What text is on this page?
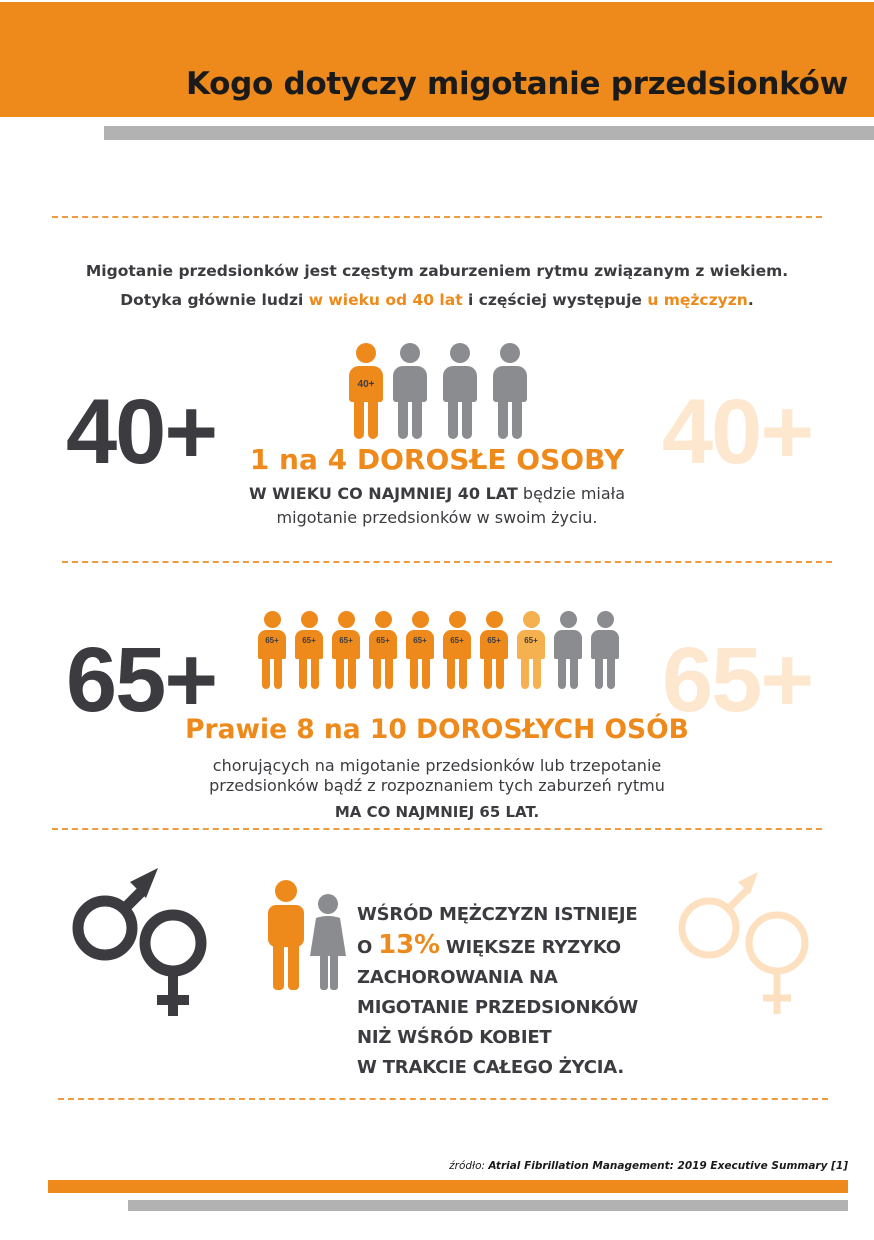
Kogo dotyczy migotanie przedsionków
Migotanie przedsionków jest częstym zaburzeniem rytmu związanym z wiekiem.
Dotyka głównie ludzi w wieku od 40 lat i częściej występuje u mężczyzn.
40+	40+
40+
1 na 4 DOROSŁE OSOBY
W WIEKU CO NAJMNIEJ 40 LAT będzie miała
migotanie przedsionków w swoim życiu.
65+	65+
65+	65+	65+	65+	65+	65+	65+	65+
Prawie 8 na 10 DOROSŁYCH OSÓB
chorujących na migotanie przedsionków lub trzepotanie
przedsionków bądź z rozpoznaniem tych zaburzeń rytmu
MA CO NAJMNIEJ 65 LAT.
WŚRÓD MĘŻCZYZN ISTNIEJE
O 13% WIĘKSZE RYZYKO
ZACHOROWANIA NA
MIGOTANIE PRZEDSIONKÓW
NIŻ WŚRÓD KOBIET
W TRAKCIE CAŁEGO ŻYCIA.
źródło: Atrial Fibrillation Management: 2019 Executive Summary [1]
